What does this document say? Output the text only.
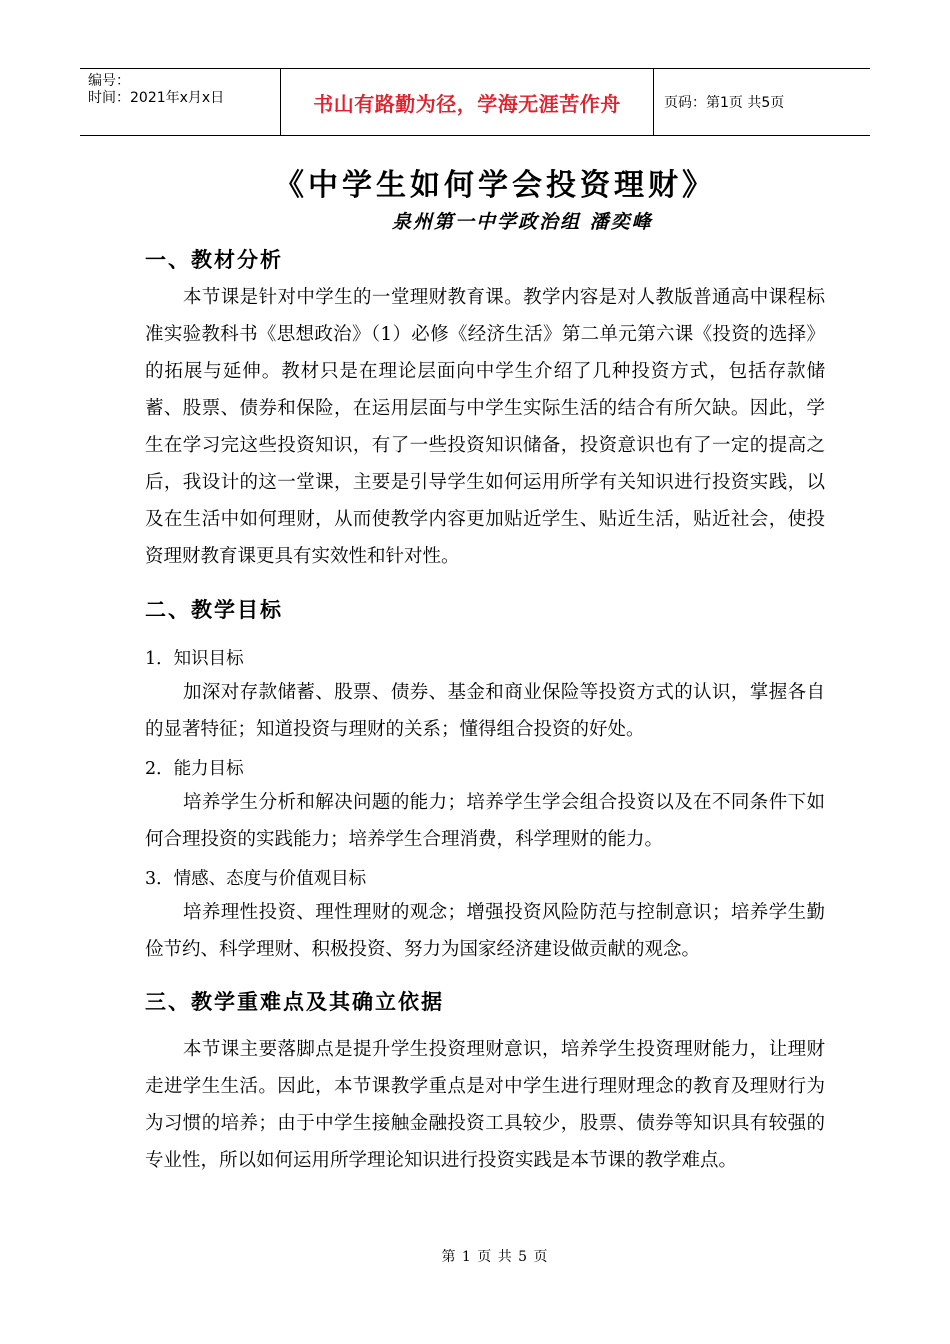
编号：
时间：2021年x月x日	书山有路勤为径，学海无涯苦作舟	页码：第1页 共5页
《中学生如何学会投资理财》
泉州第一中学政治组 潘奕峰
一、教材分析

本节课是针对中学生的一堂理财教育课。教学内容是对人教版普通高中课程标准实验教科书《思想政治》（1）必修《经济生活》第二单元第六课《投资的选择》的拓展与延伸。教材只是在理论层面向中学生介绍了几种投资方式，包括存款储蓄、股票、债券和保险，在运用层面与中学生实际生活的结合有所欠缺。因此，学生在学习完这些投资知识，有了一些投资知识储备，投资意识也有了一定的提高之后，我设计的这一堂课，主要是引导学生如何运用所学有关知识进行投资实践，以及在生活中如何理财，从而使教学内容更加贴近学生、贴近生活，贴近社会，使投资理财教育课更具有实效性和针对性。

二、教学目标
1．知识目标

加深对存款储蓄、股票、债券、基金和商业保险等投资方式的认识，掌握各自的显著特征；知道投资与理财的关系；懂得组合投资的好处。

2．能力目标

培养学生分析和解决问题的能力；培养学生学会组合投资以及在不同条件下如何合理投资的实践能力；培养学生合理消费，科学理财的能力。

3．情感、态度与价值观目标

培养理性投资、理性理财的观念；增强投资风险防范与控制意识；培养学生勤俭节约、科学理财、积极投资、努力为国家经济建设做贡献的观念。

三、教学重难点及其确立依据

本节课主要落脚点是提升学生投资理财意识，培养学生投资理财能力，让理财走进学生生活。因此，本节课教学重点是对中学生进行理财理念的教育及理财行为为习惯的培养；由于中学生接触金融投资工具较少，股票、债券等知识具有较强的专业性，所以如何运用所学理论知识进行投资实践是本节课的教学难点。

第 1 页 共 5 页
